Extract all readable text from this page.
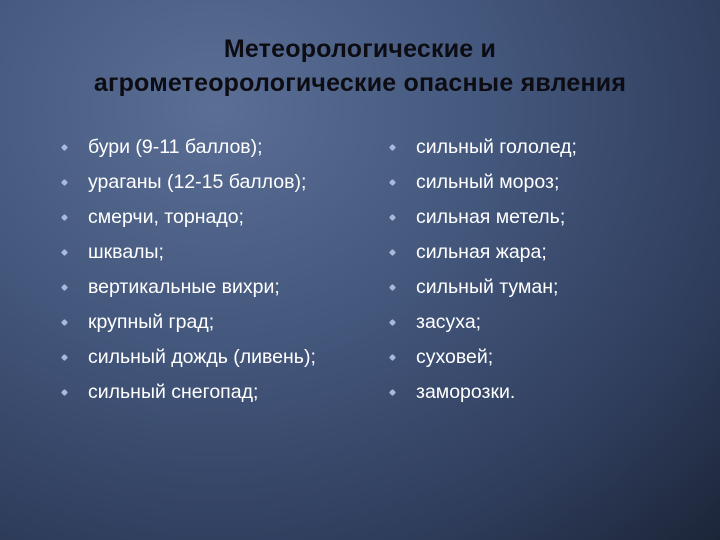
Метеорологические и
агрометеорологические опасные явления
бури (9-11 баллов);
ураганы (12-15 баллов);
смерчи, торнадо;
шквалы;
вертикальные вихри;
крупный град;
сильный дождь (ливень);
сильный снегопад;
сильный гололед;
сильный мороз;
сильная метель;
сильная жара;
сильный туман;
засуха;
суховей;
заморозки.
